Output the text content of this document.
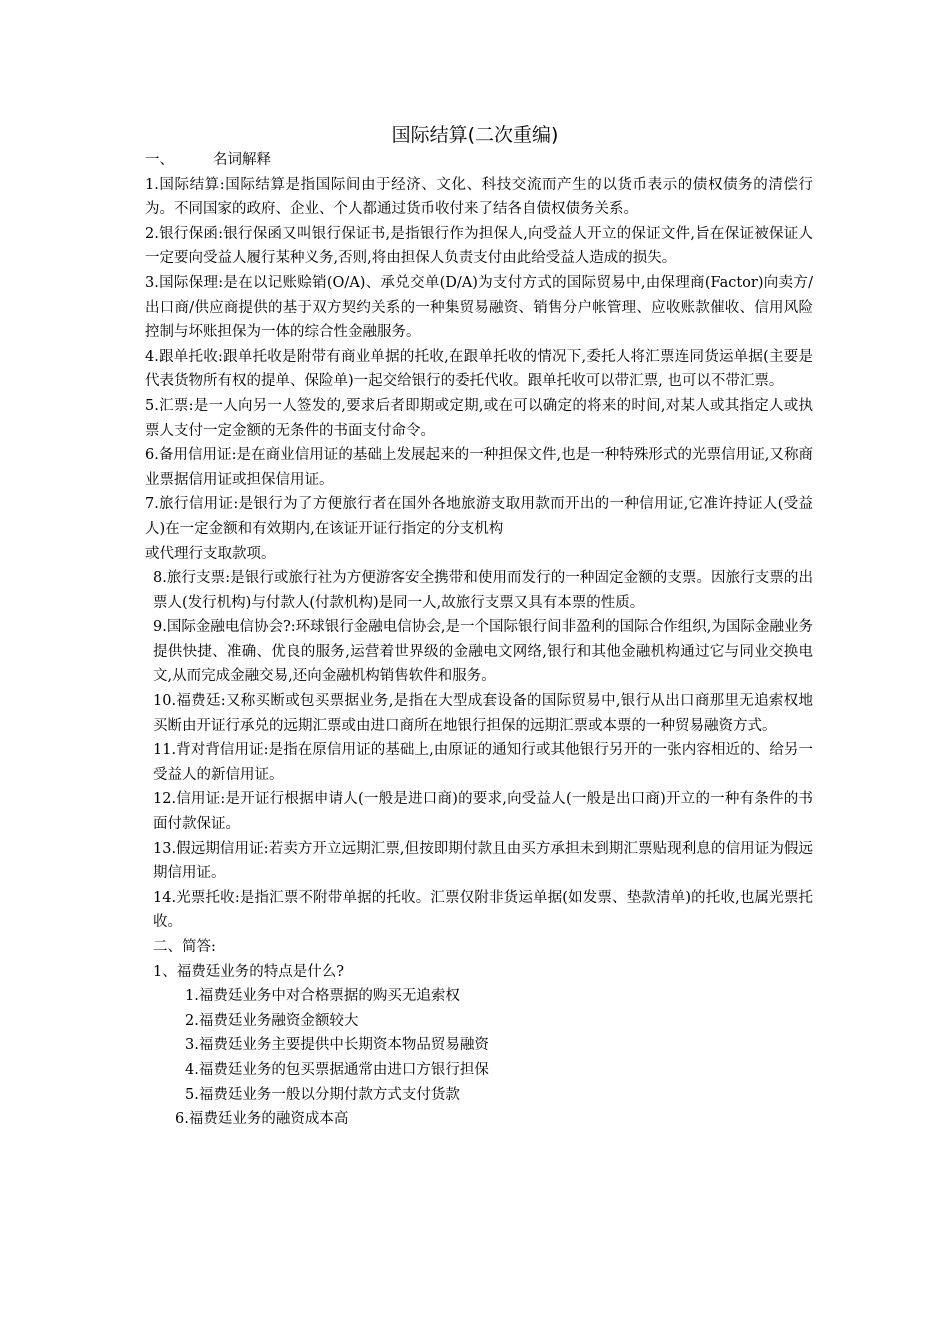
国际结算(二次重编)

一、	名词解释

1.国际结算:国际结算是指国际间由于经济、文化、科技交流而产生的以货币表示的债权债务的清偿行为。不同国家的政府、企业、个人都通过货币收付来了结各自债权债务关系。

2.银行保函:银行保函又叫银行保证书,是指银行作为担保人,向受益人开立的保证文件,旨在保证被保证人一定要向受益人履行某种义务,否则,将由担保人负责支付由此给受益人造成的损失。

3.国际保理:是在以记账赊销(O/A)、承兑交单(D/A)为支付方式的国际贸易中,由保理商(Factor)向卖方/出口商/供应商提供的基于双方契约关系的一种集贸易融资、销售分户帐管理、应收账款催收、信用风险控制与坏账担保为一体的综合性金融服务。

4.跟单托收:跟单托收是附带有商业单据的托收,在跟单托收的情况下,委托人将汇票连同货运单据(主要是代表货物所有权的提单、保险单)一起交给银行的委托代收。跟单托收可以带汇票, 也可以不带汇票。

5.汇票:是一人向另一人签发的,要求后者即期或定期,或在可以确定的将来的时间,对某人或其指定人或执票人支付一定金额的无条件的书面支付命令。

6.备用信用证:是在商业信用证的基础上发展起来的一种担保文件,也是一种特殊形式的光票信用证,又称商业票据信用证或担保信用证。

7.旅行信用证:是银行为了方便旅行者在国外各地旅游支取用款而开出的一种信用证,它准许持证人(受益人)在一定金额和有效期内,在该证开证行指定的分支机构
或代理行支取款项。

8.旅行支票:是银行或旅行社为方便游客安全携带和使用而发行的一种固定金额的支票。因旅行支票的出票人(发行机构)与付款人(付款机构)是同一人,故旅行支票又具有本票的性质。

9.国际金融电信协会?:环球银行金融电信协会,是一个国际银行间非盈利的国际合作组织,为国际金融业务提供快捷、准确、优良的服务,运营着世界级的金融电文网络,银行和其他金融机构通过它与同业交换电文,从而完成金融交易,还向金融机构销售软件和服务。

10.福费廷:又称买断或包买票据业务,是指在大型成套设备的国际贸易中,银行从出口商那里无追索权地买断由开证行承兑的远期汇票或由进口商所在地银行担保的远期汇票或本票的一种贸易融资方式。

11.背对背信用证:是指在原信用证的基础上,由原证的通知行或其他银行另开的一张内容相近的、给另一受益人的新信用证。

12.信用证:是开证行根据申请人(一般是进口商)的要求,向受益人(一般是出口商)开立的一种有条件的书面付款保证。

13.假远期信用证:若卖方开立远期汇票,但按即期付款且由买方承担未到期汇票贴现利息的信用证为假远期信用证。

14.光票托收:是指汇票不附带单据的托收。汇票仅附非货运单据(如发票、垫款清单)的托收,也属光票托收。

二、简答:

1、福费廷业务的特点是什么?

1.福费廷业务中对合格票据的购买无追索权

2.福费廷业务融资金额较大

3.福费廷业务主要提供中长期资本物品贸易融资

4.福费廷业务的包买票据通常由进口方银行担保

5.福费廷业务一般以分期付款方式支付货款

6.福费廷业务的融资成本高
